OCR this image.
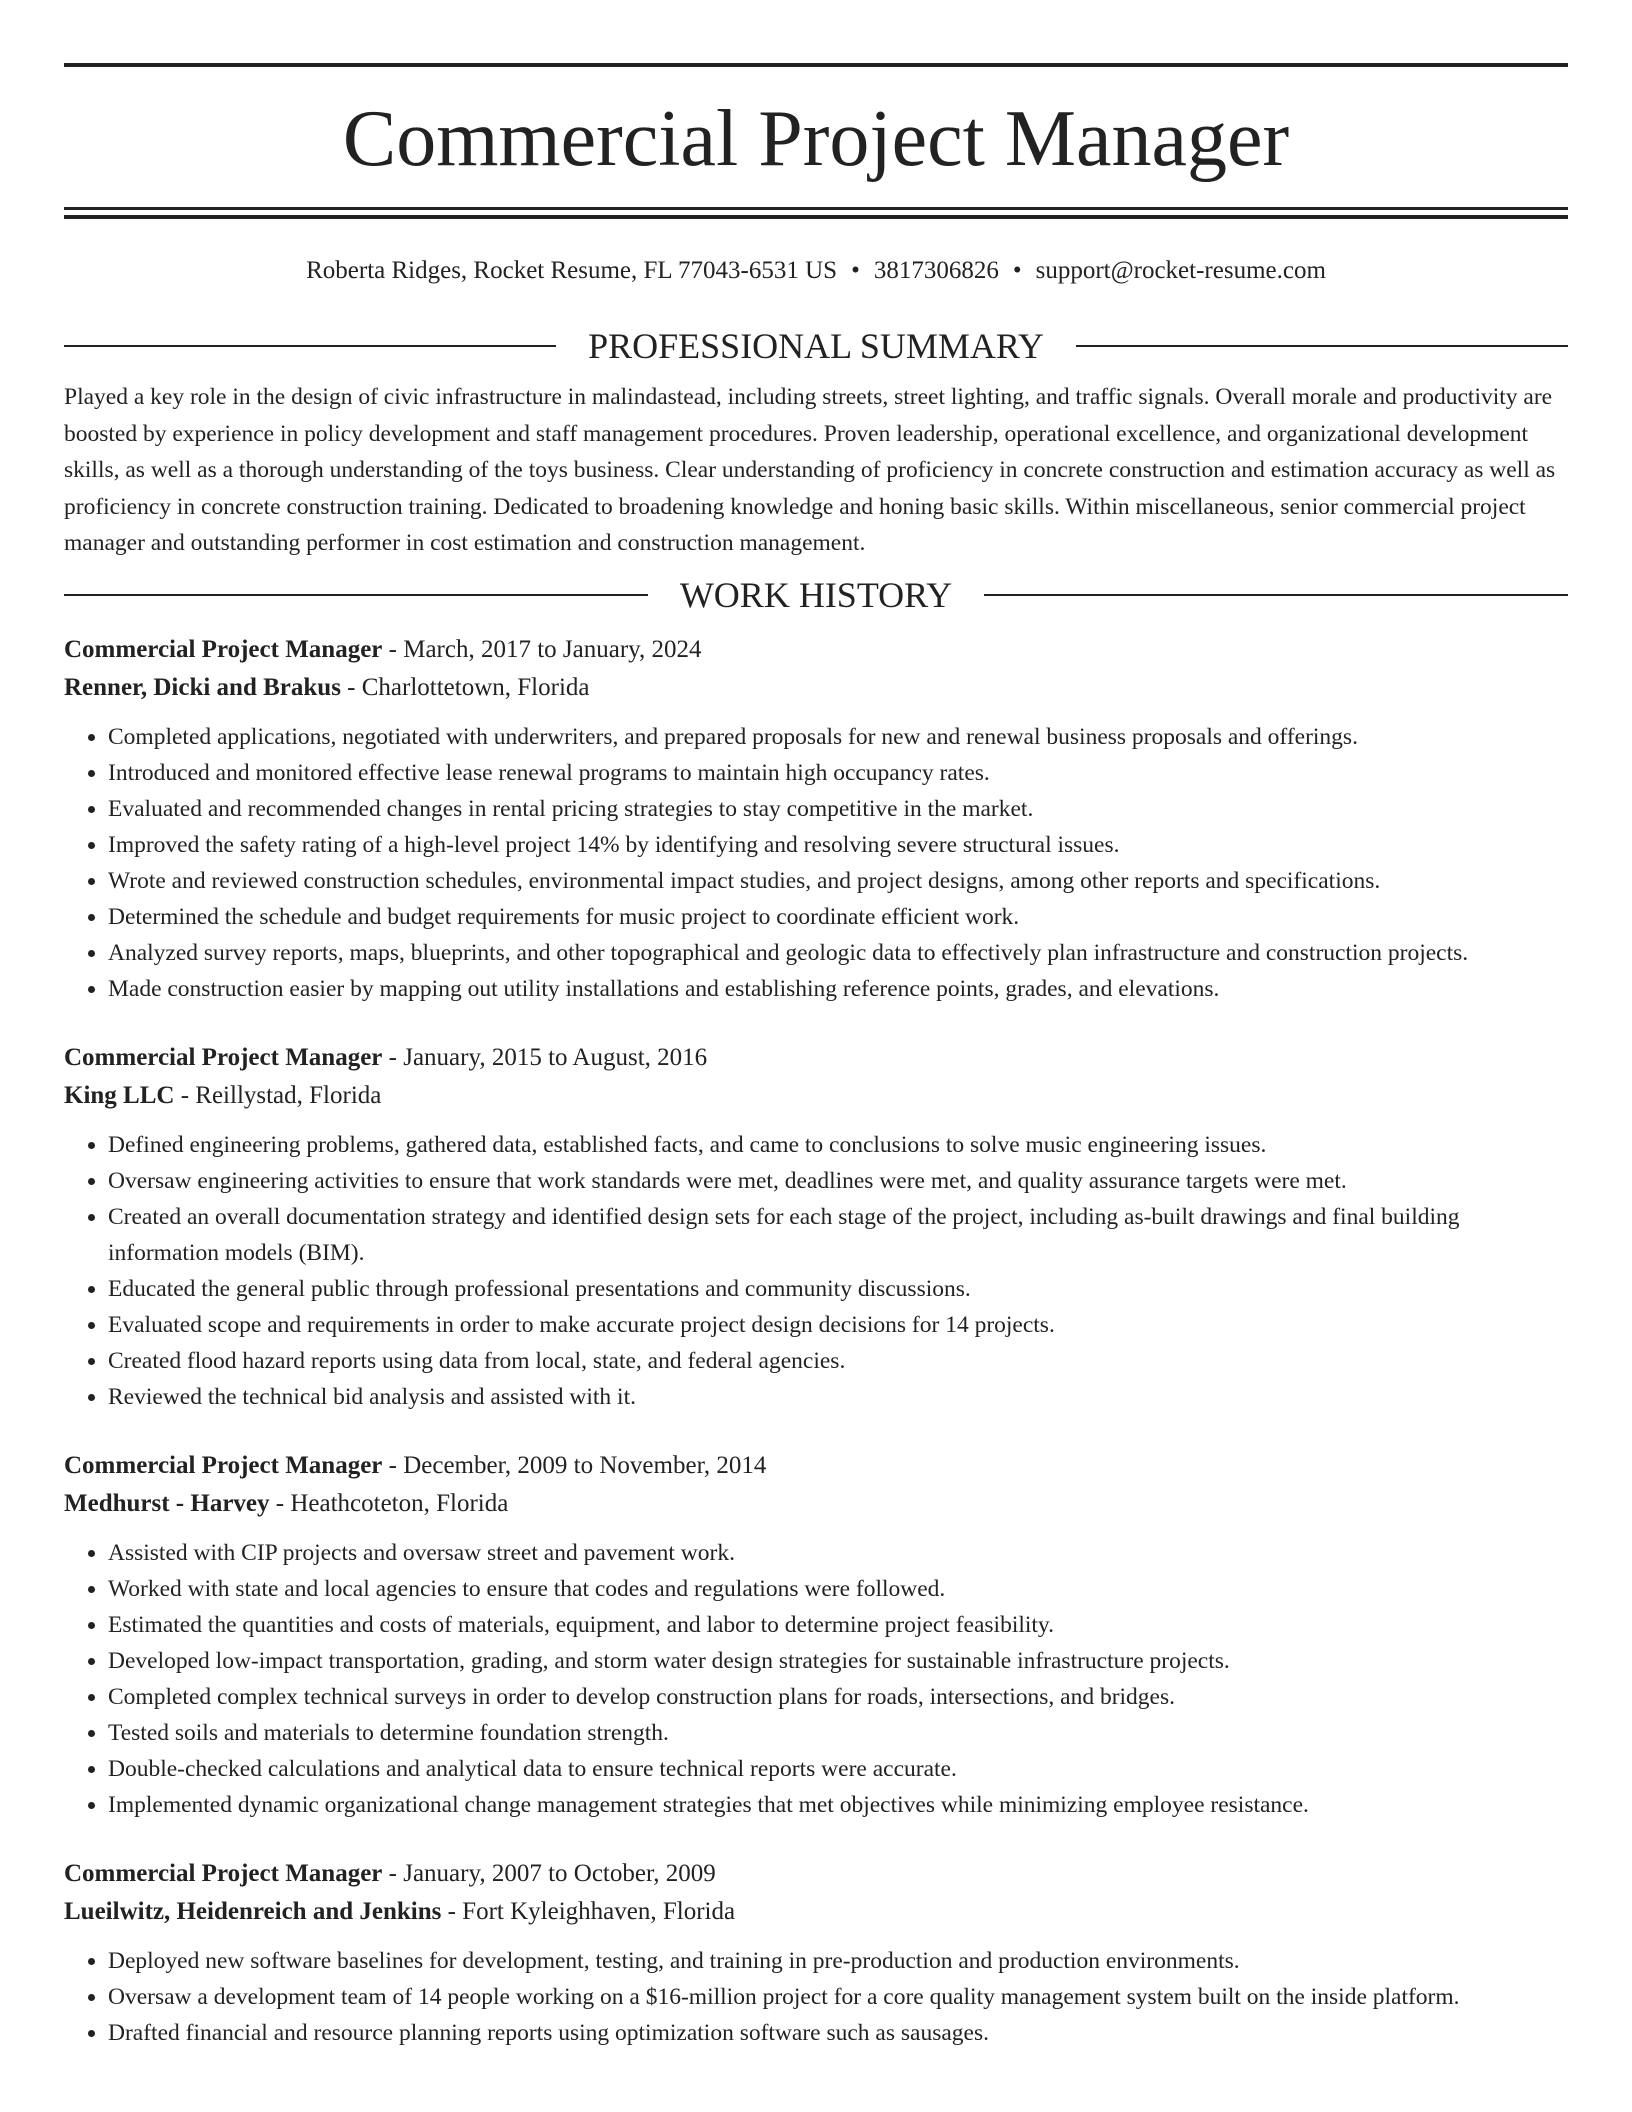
Commercial Project Manager
Roberta Ridges, Rocket Resume, FL 77043-6531 US • 3817306826 • support@rocket-resume.com
PROFESSIONAL SUMMARY
Played a key role in the design of civic infrastructure in malindastead, including streets, street lighting, and traffic signals. Overall morale and productivity are boosted by experience in policy development and staff management procedures. Proven leadership, operational excellence, and organizational development skills, as well as a thorough understanding of the toys business. Clear understanding of proficiency in concrete construction and estimation accuracy as well as proficiency in concrete construction training. Dedicated to broadening knowledge and honing basic skills. Within miscellaneous, senior commercial project manager and outstanding performer in cost estimation and construction management.
WORK HISTORY
Commercial Project Manager - March, 2017 to January, 2024
Renner, Dicki and Brakus - Charlottetown, Florida
• Completed applications, negotiated with underwriters, and prepared proposals for new and renewal business proposals and offerings.
• Introduced and monitored effective lease renewal programs to maintain high occupancy rates.
• Evaluated and recommended changes in rental pricing strategies to stay competitive in the market.
• Improved the safety rating of a high-level project 14% by identifying and resolving severe structural issues.
• Wrote and reviewed construction schedules, environmental impact studies, and project designs, among other reports and specifications.
• Determined the schedule and budget requirements for music project to coordinate efficient work.
• Analyzed survey reports, maps, blueprints, and other topographical and geologic data to effectively plan infrastructure and construction projects.
• Made construction easier by mapping out utility installations and establishing reference points, grades, and elevations.
Commercial Project Manager - January, 2015 to August, 2016
King LLC - Reillystad, Florida
• Defined engineering problems, gathered data, established facts, and came to conclusions to solve music engineering issues.
• Oversaw engineering activities to ensure that work standards were met, deadlines were met, and quality assurance targets were met.
• Created an overall documentation strategy and identified design sets for each stage of the project, including as-built drawings and final building information models (BIM).
• Educated the general public through professional presentations and community discussions.
• Evaluated scope and requirements in order to make accurate project design decisions for 14 projects.
• Created flood hazard reports using data from local, state, and federal agencies.
• Reviewed the technical bid analysis and assisted with it.
Commercial Project Manager - December, 2009 to November, 2014
Medhurst - Harvey - Heathcoteton, Florida
• Assisted with CIP projects and oversaw street and pavement work.
• Worked with state and local agencies to ensure that codes and regulations were followed.
• Estimated the quantities and costs of materials, equipment, and labor to determine project feasibility.
• Developed low-impact transportation, grading, and storm water design strategies for sustainable infrastructure projects.
• Completed complex technical surveys in order to develop construction plans for roads, intersections, and bridges.
• Tested soils and materials to determine foundation strength.
• Double-checked calculations and analytical data to ensure technical reports were accurate.
• Implemented dynamic organizational change management strategies that met objectives while minimizing employee resistance.
Commercial Project Manager - January, 2007 to October, 2009
Lueilwitz, Heidenreich and Jenkins - Fort Kyleighhaven, Florida
• Deployed new software baselines for development, testing, and training in pre-production and production environments.
• Oversaw a development team of 14 people working on a $16-million project for a core quality management system built on the inside platform.
• Drafted financial and resource planning reports using optimization software such as sausages.
